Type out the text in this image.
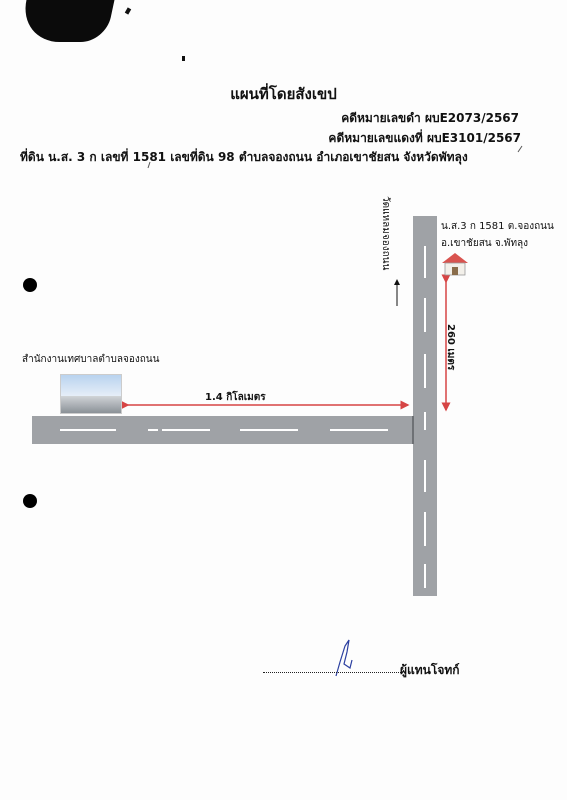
แผนที่โดยสังเขป
คดีหมายเลขดำ ผบE2073/2567
คดีหมายเลขแดงที่ ผบE3101/2567
ที่ดิน น.ส. 3 ก เลขที่ 1581 เลขที่ดิน 98 ตำบลจองถนน อำเภอเขาชัยสน จังหวัดพัทลุง
น.ส.3 ก 1581 ต.จองถนน
อ.เขาชัยสน จ.พัทลุง
วัดแหลมจองถนน
260 เมตร
สำนักงานเทศบาลตำบลจองถนน
1.4 กิโลเมตร
ผู้แทนโจทก์
